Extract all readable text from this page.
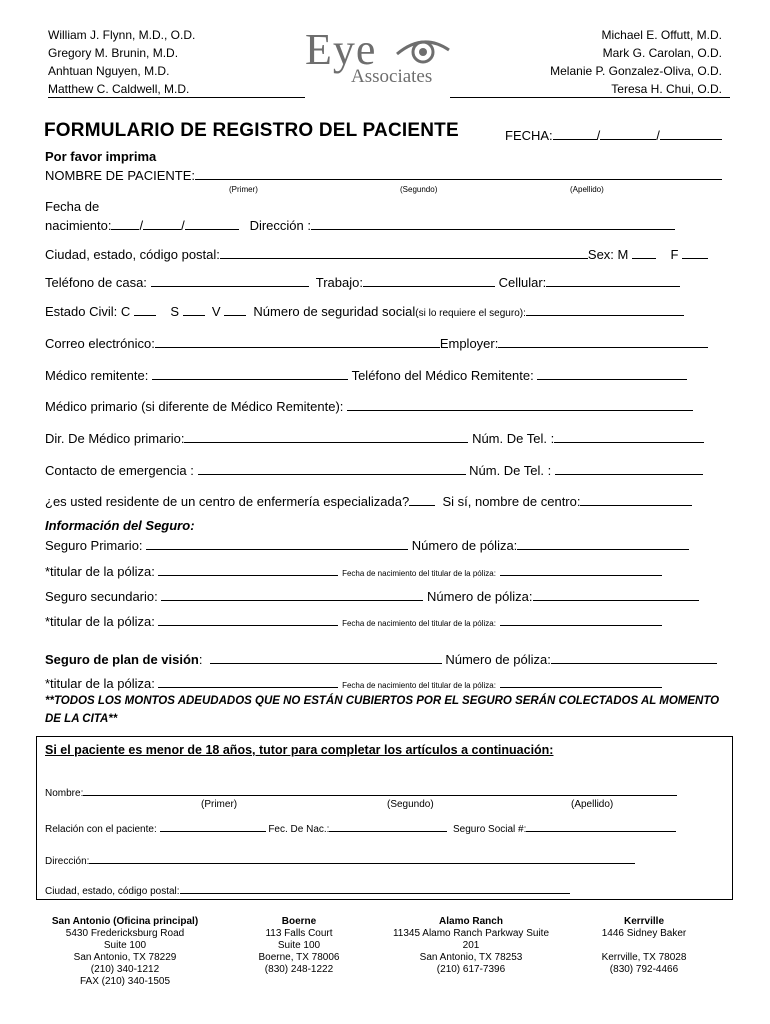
William J. Flynn, M.D., O.D.
Gregory M. Brunin, M.D.
Anhtuan Nguyen, M.D.
Matthew C. Caldwell, M.D.
Michael E. Offutt, M.D.
Mark G. Carolan, O.D.
Melanie P. Gonzalez-Oliva, O.D.
Teresa H. Chui, O.D.
Eye
Associates
FORMULARIO DE REGISTRO DEL PACIENTE	FECHA:	/	/
Por favor imprima
NOMBRE DE PACIENTE:
(Primer)	(Segundo)	(Apellido)
Fecha de
nacimiento: /	/	Dirección :
Ciudad, estado, código postal:	Sex: M	F
Teléfono de casa:	Trabajo:	Cellular:
Estado Civil: C	S	V	Número de seguridad social(si lo requiere el seguro):
Correo electrónico:	Employer:
Médico remitente:	Teléfono del Médico Remitente:
Médico primario (si diferente de Médico Remitente):
Dir. De Médico primario:	Núm. De Tel. :
Contacto de emergencia :	Núm. De Tel. :
¿es usted residente de un centro de enfermería especializada?	Si sí, nombre de centro:
Información del Seguro:
Seguro Primario:	Número de póliza:
*titular de la póliza:	Fecha de nacimiento del titular de la póliza:
Seguro secundario:	Número de póliza:
*titular de la póliza:	Fecha de nacimiento del titular de la póliza:
Seguro de plan de visión:	Número de póliza:
*titular de la póliza:	Fecha de nacimiento del titular de la póliza:
**TODOS LOS MONTOS ADEUDADOS QUE NO ESTÁN CUBIERTOS POR EL SEGURO SERÁN COLECTADOS AL MOMENTO
DE LA CITA**
Si el paciente es menor de 18 años, tutor para completar los artículos a continuación:
Nombre:
(Primer)	(Segundo)	(Apellido)
Relación con el paciente:	Fec. De Nac.:	Seguro Social #:
Dirección:
Ciudad, estado, código postal:
San Antonio (Oficina principal)
5430 Fredericksburg Road
Suite 100
San Antonio, TX 78229
(210) 340-1212
FAX (210) 340-1505
Boerne
113 Falls Court
Suite 100
Boerne, TX 78006
(830) 248-1222
Alamo Ranch
11345 Alamo Ranch Parkway Suite
201
San Antonio, TX 78253
(210) 617-7396
Kerrville
1446 Sidney Baker
Kerrville, TX 78028
(830) 792-4466
